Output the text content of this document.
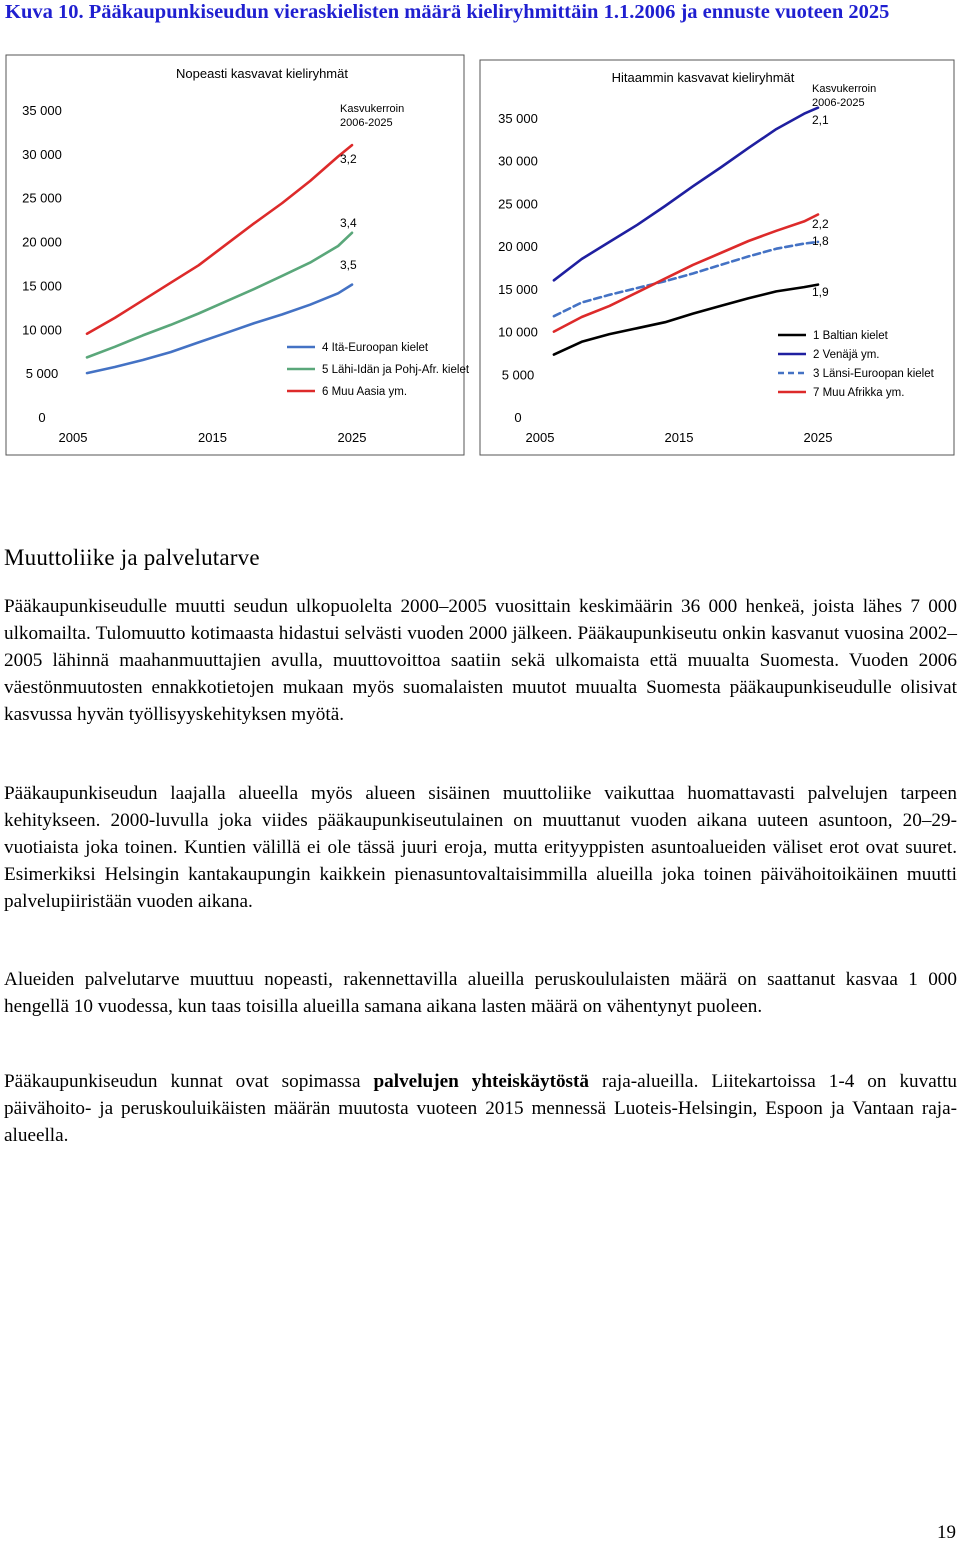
Kuva 10. Pääkaupunkiseudun vieraskielisten määrä kieliryhmittäin 1.1.2006 ja ennuste vuoteen 2025
Nopeasti kasvavat kieliryhmät
0
5 000
10 000
15 000
20 000
25 000
30 000
35 000
2005	2015	2025
Kasvukerroin
2006-2025
3,5
3,4
3,2
4 Itä-Euroopan kielet
5 Lähi-Idän ja Pohj-Afr. kielet
6 Muu Aasia ym.
Hitaammin kasvavat kieliryhmät
0
5 000
10 000
15 000
20 000
25 000
30 000
35 000
2005	2015	2025
Kasvukerroin
2006-2025
1,9
2,1
1,8
2,2
1 Baltian kielet
2 Venäjä ym.
3 Länsi-Euroopan kielet
7 Muu Afrikka ym.
Muuttoliike ja palvelutarve

Pääkaupunkiseudulle muutti seudun ulkopuolelta 2000–2005 vuosittain keskimäärin 36 000 henkeä, joista lähes 7 000 ulkomailta. Tulomuutto kotimaasta hidastui selvästi vuoden 2000 jälkeen. Pääkaupunkiseutu onkin kasvanut vuosina 2002–2005 lähinnä maahanmuuttajien avulla, muuttovoittoa saatiin sekä ulkomaista että muualta Suomesta. Vuoden 2006 väestönmuutosten ennakkotietojen mukaan myös suomalaisten muutot muualta Suomesta pääkaupunkiseudulle olisivat kasvussa hyvän työllisyyskehityksen myötä.

Pääkaupunkiseudun laajalla alueella myös alueen sisäinen muuttoliike vaikuttaa huomattavasti palvelujen tarpeen kehitykseen. 2000-luvulla joka viides pääkaupunkiseutulainen on muuttanut vuoden aikana uuteen asuntoon, 20–29-vuotiaista joka toinen. Kuntien välillä ei ole tässä juuri eroja, mutta erityyppisten asuntoalueiden väliset erot ovat suuret. Esimerkiksi Helsingin kantakaupungin kaikkein pienasuntovaltaisimmilla alueilla joka toinen päivähoitoikäinen muutti palvelupiiristään vuoden aikana.

Alueiden palvelutarve muuttuu nopeasti, rakennettavilla alueilla peruskoululaisten määrä on saattanut kasvaa 1 000 hengellä 10 vuodessa, kun taas toisilla alueilla samana aikana lasten määrä on vähentynyt puoleen.

Pääkaupunkiseudun kunnat ovat sopimassa palvelujen yhteiskäytöstä raja-alueilla. Liitekartoissa 1-4 on kuvattu päivähoito- ja peruskouluikäisten määrän muutosta vuoteen 2015 mennessä Luoteis-Helsingin, Espoon ja Vantaan raja-alueella.

19
